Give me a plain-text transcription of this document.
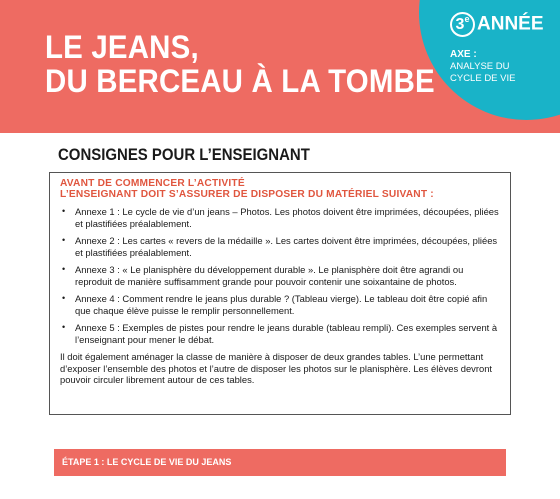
LE JEANS,
DU BERCEAU À LA TOMBE
3e ANNÉE
AXE :
ANALYSE DU
CYCLE DE VIE
CONSIGNES POUR L’ENSEIGNANT
AVANT DE COMMENCER L’ACTIVITÉ
L’ENSEIGNANT DOIT S’ASSURER DE DISPOSER DU MATÉRIEL SUIVANT :
• Annexe 1 : Le cycle de vie d’un jeans – Photos. Les photos doivent être imprimées, découpées, pliées et plastifiées préalablement.
• Annexe 2 : Les cartes « revers de la médaille ». Les cartes doivent être imprimées, découpées, pliées et plastifiées préalablement.
• Annexe 3 : « Le planisphère du développement durable ». Le planisphère doit être agrandi ou reproduit de manière suffisamment grande pour pouvoir contenir une soixantaine de photos.
• Annexe 4 : Comment rendre le jeans plus durable ? (Tableau vierge). Le tableau doit être copié afin que chaque élève puisse le remplir personnellement.
• Annexe 5 : Exemples de pistes pour rendre le jeans durable (tableau rempli). Ces exemples servent à l’enseignant pour mener le débat.

Il doit également aménager la classe de manière à disposer de deux grandes tables. L’une permettant d’exposer l’ensemble des photos et l’autre de disposer les photos sur le planisphère. Les élèves devront pouvoir circuler librement autour de ces tables.

ÉTAPE 1 : LE CYCLE DE VIE DU JEANS
